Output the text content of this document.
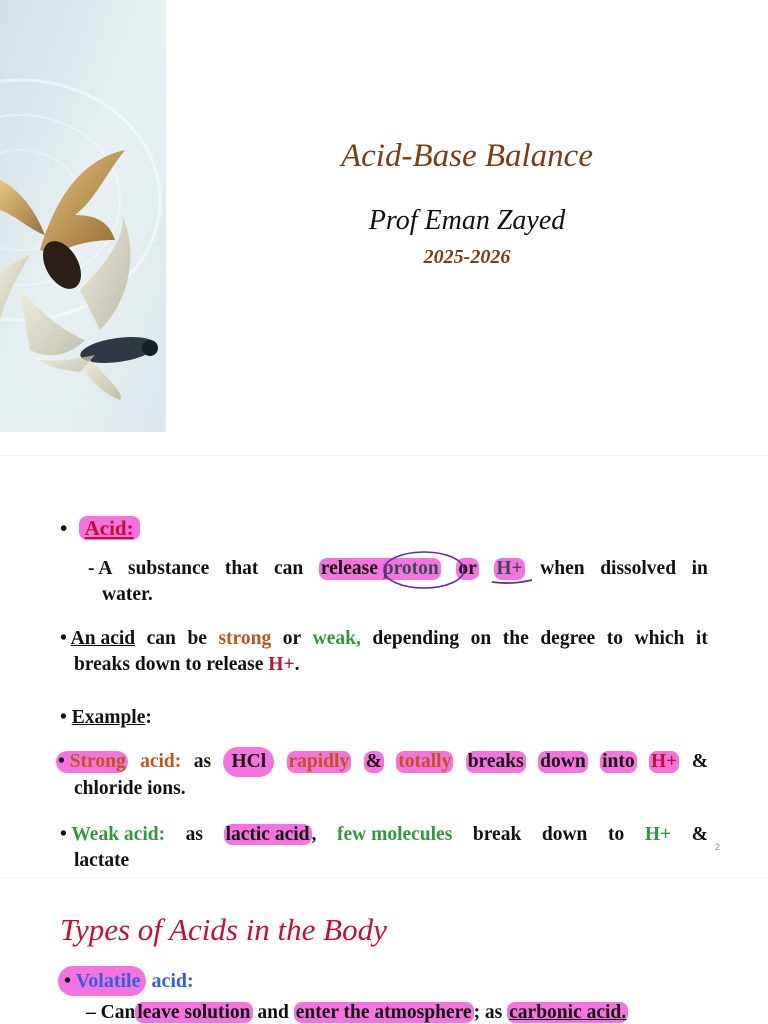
Acid-Base Balance
Prof Eman Zayed
2025-2026
• Acid:
- A substance that can release proton or H+ when dissolved in
water.
• An acid can be strong or weak, depending on the degree to which it
breaks down to release H+.
• Example:
• Strong acid: as	HCl	rapidly & totally breaks down into H+ &
chloride ions.
• Weak acid: as lactic acid , few molecules break down to H+ &
lactate
2
Types of Acids in the Body
• Volatile acid:
– Can leave solution and enter the atmosphere ; as carbonic acid.
